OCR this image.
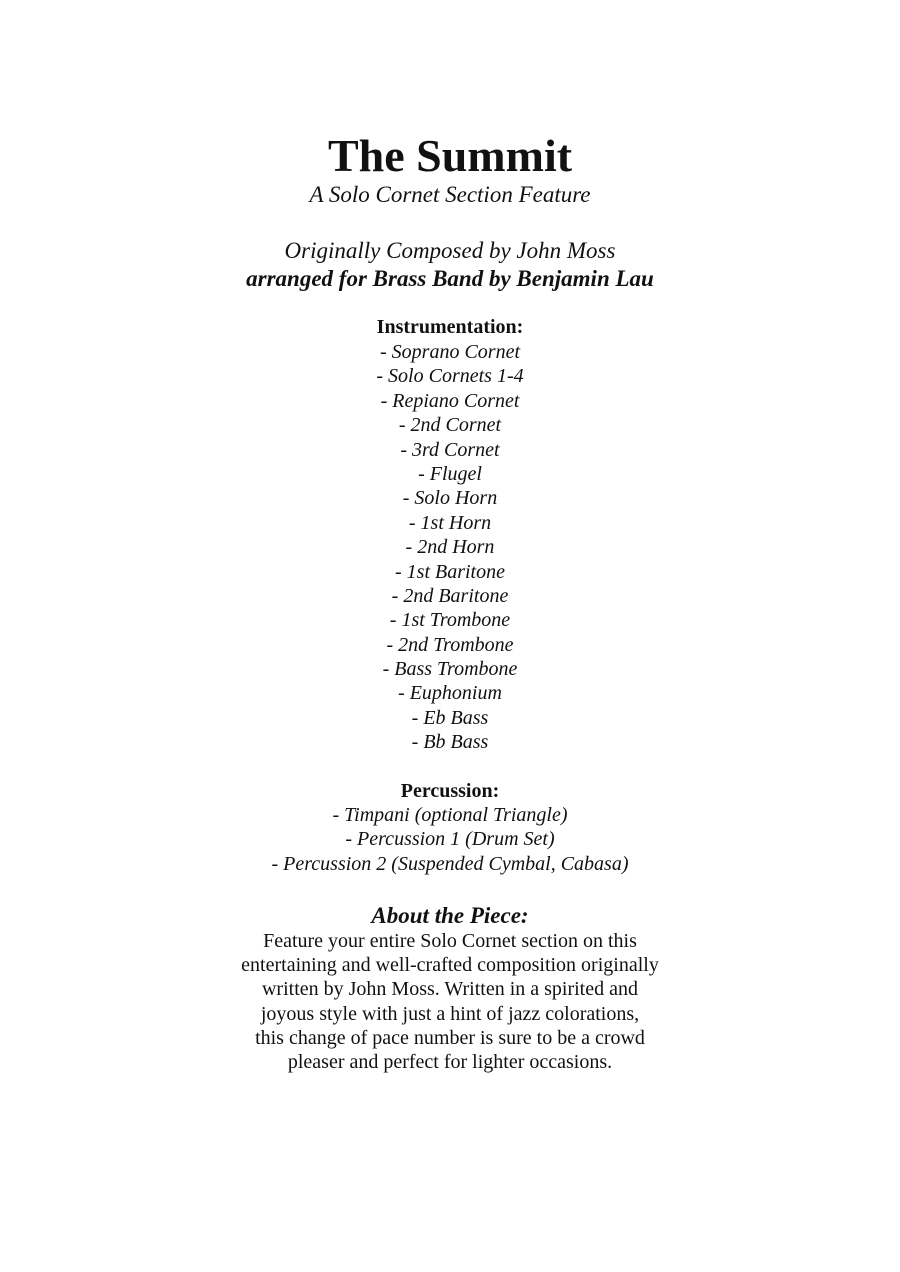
The Summit
A Solo Cornet Section Feature
Originally Composed by John Moss
arranged for Brass Band by Benjamin Lau
Instrumentation:
- Soprano Cornet
- Solo Cornets 1-4
- Repiano Cornet
- 2nd Cornet
- 3rd Cornet
- Flugel
- Solo Horn
- 1st Horn
- 2nd Horn
- 1st Baritone
- 2nd Baritone
- 1st Trombone
- 2nd Trombone
- Bass Trombone
- Euphonium
- Eb Bass
- Bb Bass
Percussion:
- Timpani (optional Triangle)
- Percussion 1 (Drum Set)
- Percussion 2 (Suspended Cymbal, Cabasa)
About the Piece:
Feature your entire Solo Cornet section on this
entertaining and well-crafted composition originally
written by John Moss. Written in a spirited and
joyous style with just a hint of jazz colorations,
this change of pace number is sure to be a crowd
pleaser and perfect for lighter occasions.
